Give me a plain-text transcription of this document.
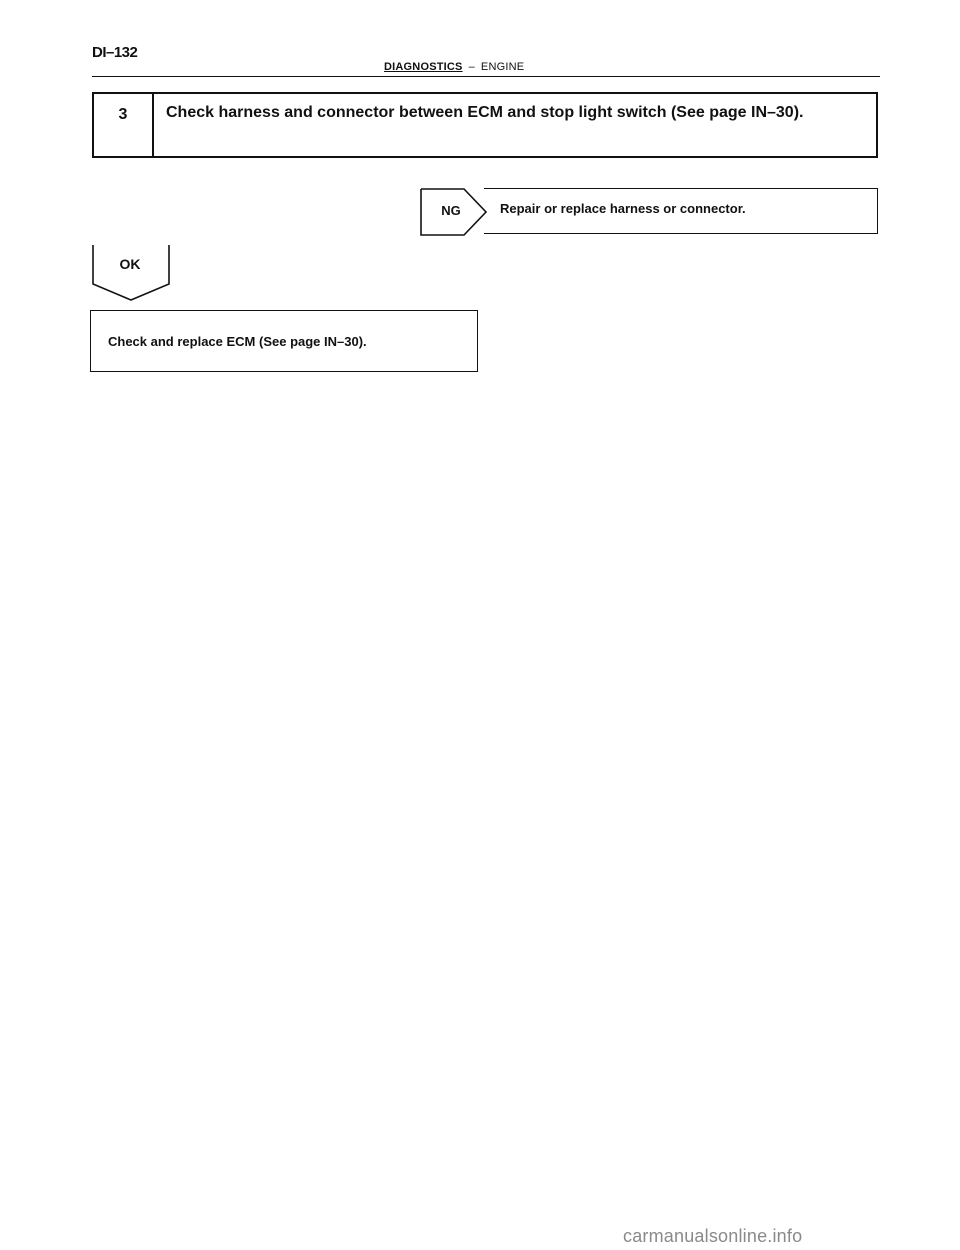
DI–132
DIAGNOSTICS – ENGINE
3	Check harness and connector between ECM and stop light switch (See page IN–30).
NG	Repair or replace harness or connector.
OK
Check and replace ECM (See page IN–30).
carmanualsonline.info
